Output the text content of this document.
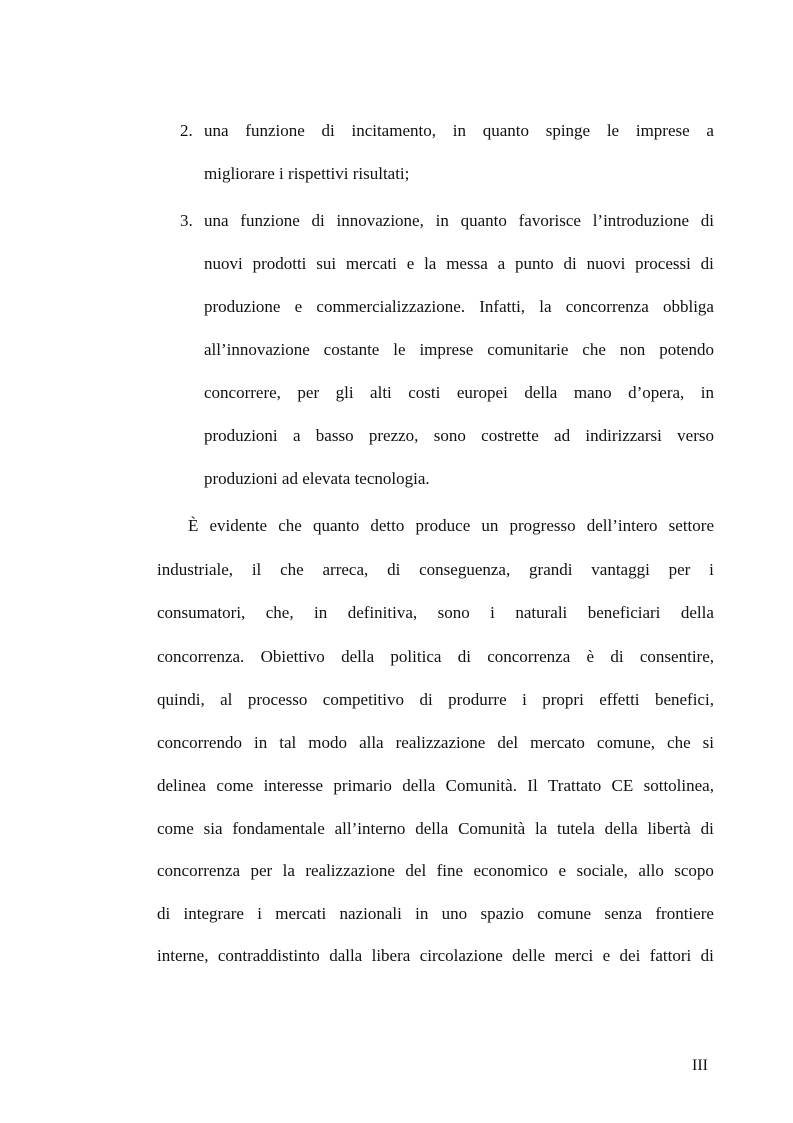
2. una funzione di incitamento, in quanto spinge le imprese a
migliorare i rispettivi risultati;
3. una funzione di innovazione, in quanto favorisce l’introduzione di
nuovi prodotti sui mercati e la messa a punto di nuovi processi di
produzione e commercializzazione. Infatti, la concorrenza obbliga
all’innovazione costante le imprese comunitarie che non potendo
concorrere, per gli alti costi europei della mano d’opera, in
produzioni a basso prezzo, sono costrette ad indirizzarsi verso
produzioni ad elevata tecnologia.
È evidente che quanto detto produce un progresso dell’intero settore
industriale, il che arreca, di conseguenza, grandi vantaggi per i
consumatori, che, in definitiva, sono i naturali beneficiari della
concorrenza. Obiettivo della politica di concorrenza è di consentire,
quindi, al processo competitivo di produrre i propri effetti benefici,
concorrendo in tal modo alla realizzazione del mercato comune, che si
delinea come interesse primario della Comunità. Il Trattato CE sottolinea,
come sia fondamentale all’interno della Comunità la tutela della libertà di
concorrenza per la realizzazione del fine economico e sociale, allo scopo
di integrare i mercati nazionali in uno spazio comune senza frontiere
interne, contraddistinto dalla libera circolazione delle merci e dei fattori di
III
